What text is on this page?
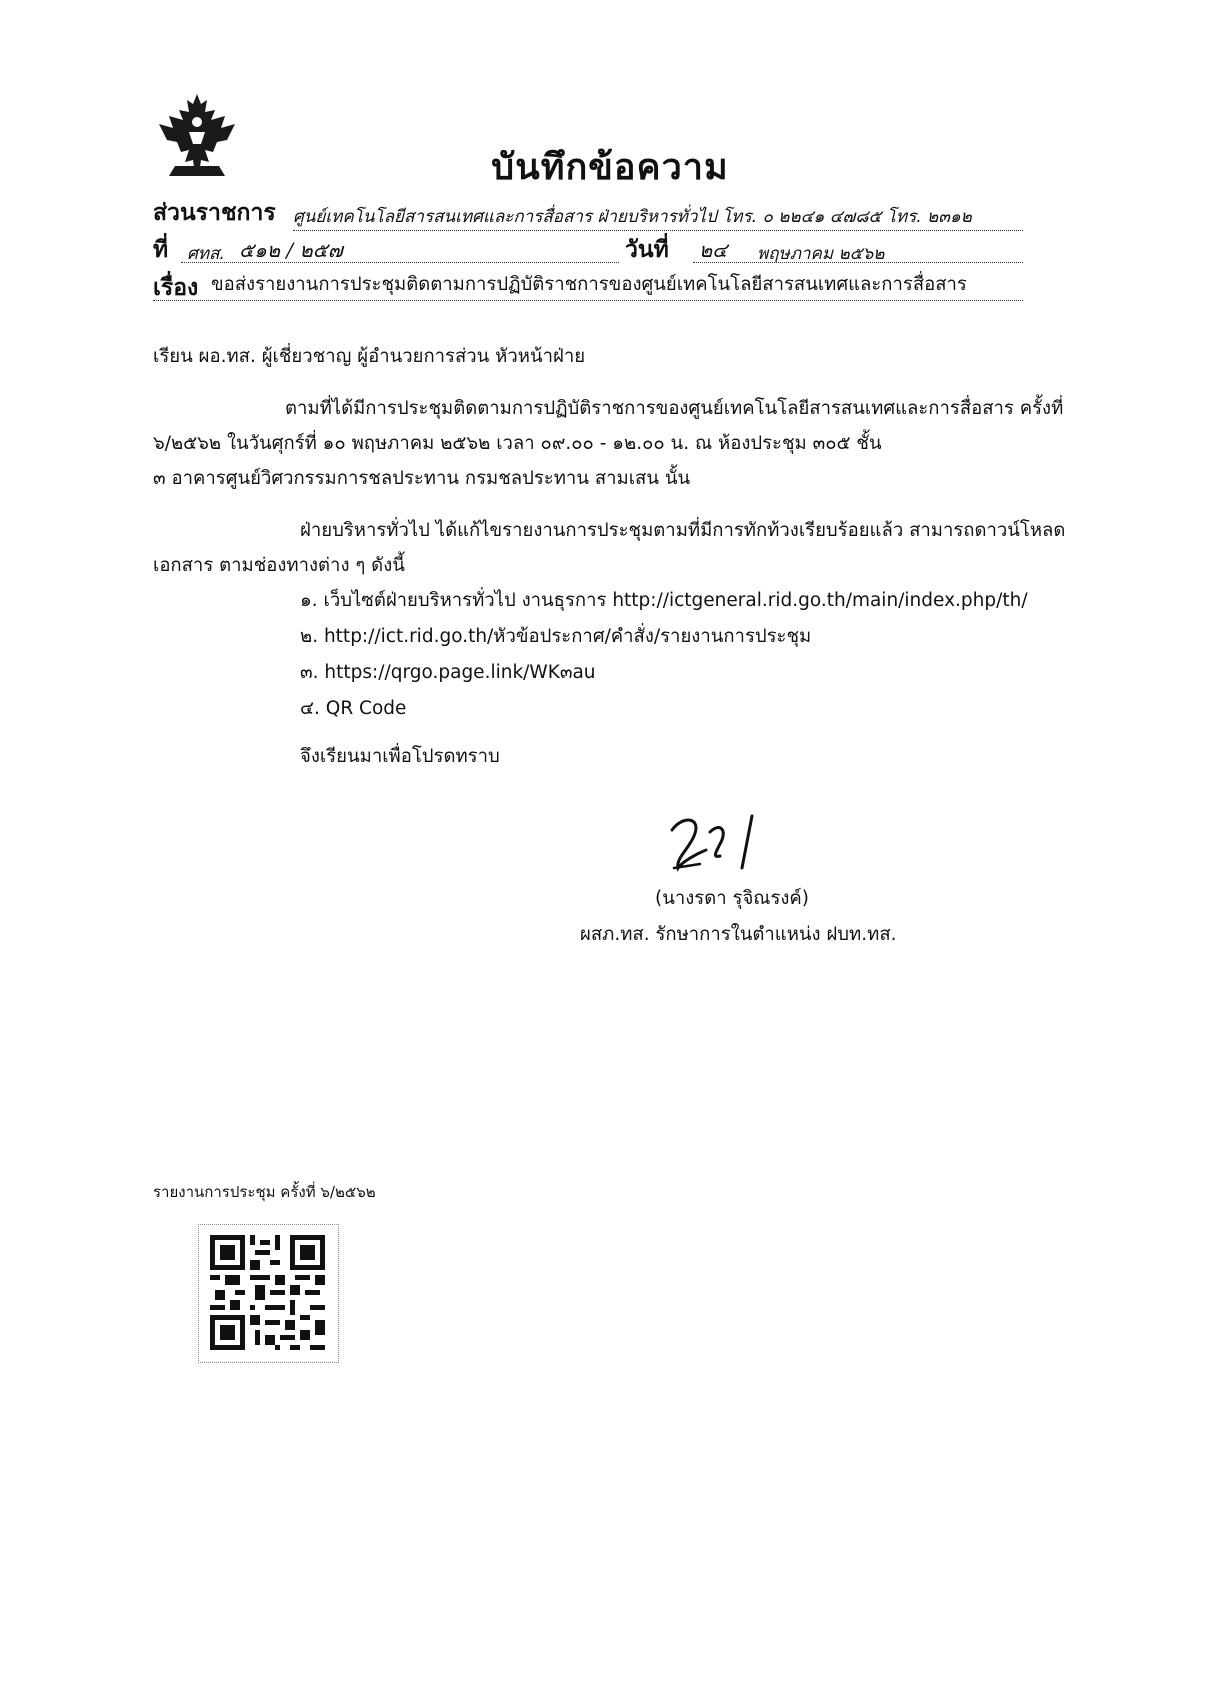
บันทึกข้อความ
ส่วนราชการ ศูนย์เทคโนโลยีสารสนเทศและการสื่อสาร ฝ่ายบริหารทั่วไป โทร. ๐ ๒๒๔๑ ๔๗๘๕ โทร. ๒๓๑๒
ที่ ศทส. ๕๑๒ / ๒๕๗	วันที่ ๒๔ พฤษภาคม ๒๕๖๒
เรื่อง ขอส่งรายงานการประชุมติดตามการปฏิบัติราชการของศูนย์เทคโนโลยีสารสนเทศและการสื่อสาร
เรียน ผอ.ทส. ผู้เชี่ยวชาญ ผู้อำนวยการส่วน หัวหน้าฝ่าย
ตามที่ได้มีการประชุมติดตามการปฏิบัติราชการของศูนย์เทคโนโลยีสารสนเทศและการสื่อสาร ครั้งที่
๖/๒๕๖๒ ในวันศุกร์ที่ ๑๐ พฤษภาคม ๒๕๖๒ เวลา ๐๙.๐๐ - ๑๒.๐๐ น. ณ ห้องประชุม ๓๐๕ ชั้น
๓ อาคารศูนย์วิศวกรรมการชลประทาน กรมชลประทาน สามเสน นั้น
ฝ่ายบริหารทั่วไป ได้แก้ไขรายงานการประชุมตามที่มีการทักท้วงเรียบร้อยแล้ว สามารถดาวน์โหลด
เอกสาร ตามช่องทางต่าง ๆ ดังนี้
๑. เว็บไซต์ฝ่ายบริหารทั่วไป งานธุรการ http://ictgeneral.rid.go.th/main/index.php/th/
๒. http://ict.rid.go.th/หัวข้อประกาศ/คำสั่ง/รายงานการประชุม
๓. https://qrgo.page.link/WK๓au
๔. QR Code
จึงเรียนมาเพื่อโปรดทราบ
(นางรดา รุจิณรงค์)
ผสภ.ทส. รักษาการในตำแหน่ง ฝบท.ทส.
รายงานการประชุม ครั้งที่ ๖/๒๕๖๒
